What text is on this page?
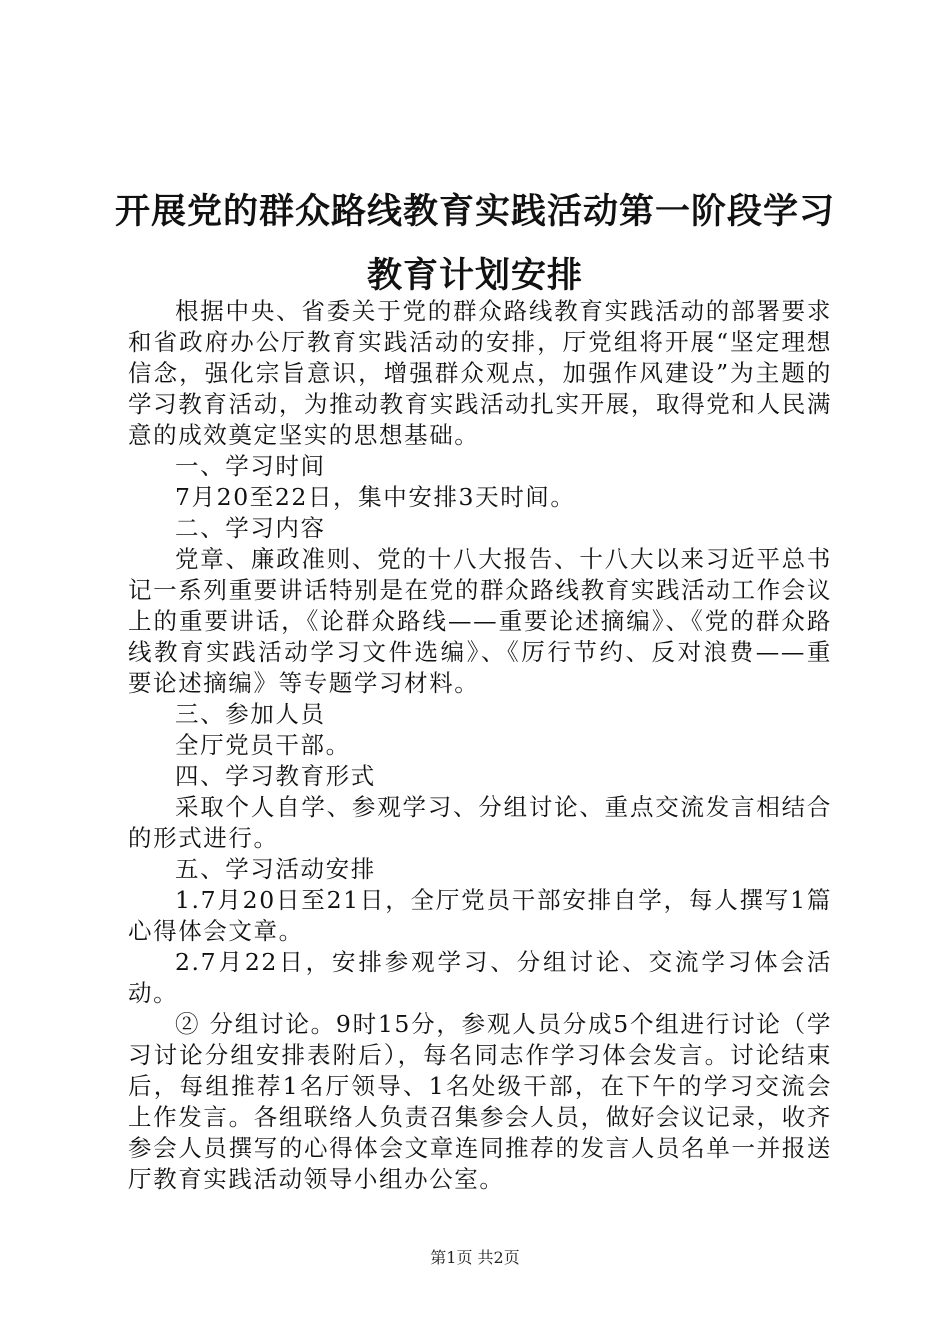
开展党的群众路线教育实践活动第一阶段学习
教育计划安排

根据中央、省委关于党的群众路线教育实践活动的部署要求和省政府办公厅教育实践活动的安排，厅党组将开展“坚定理想信念，强化宗旨意识，增强群众观点，加强作风建设”为主题的学习教育活动，为推动教育实践活动扎实开展，取得党和人民满意的成效奠定坚实的思想基础。

一、学习时间

7月20至22日，集中安排3天时间。

二、学习内容

党章、廉政准则、党的十八大报告、十八大以来习近平总书记一系列重要讲话特别是在党的群众路线教育实践活动工作会议上的重要讲话，《论群众路线——重要论述摘编》、《党的群众路线教育实践活动学习文件选编》、《厉行节约、反对浪费——重要论述摘编》等专题学习材料。

三、参加人员

全厅党员干部。

四、学习教育形式

采取个人自学、参观学习、分组讨论、重点交流发言相结合的形式进行。

五、学习活动安排

1.7月20日至21日，全厅党员干部安排自学，每人撰写1篇心得体会文章。

2.7月22日，安排参观学习、分组讨论、交流学习体会活动。

② 分组讨论。9时15分，参观人员分成5个组进行讨论（学习讨论分组安排表附后），每名同志作学习体会发言。讨论结束后，每组推荐1名厅领导、1名处级干部，在下午的学习交流会上作发言。各组联络人负责召集参会人员，做好会议记录，收齐参会人员撰写的心得体会文章连同推荐的发言人员名单一并报送厅教育实践活动领导小组办公室。

第1页 共2页
